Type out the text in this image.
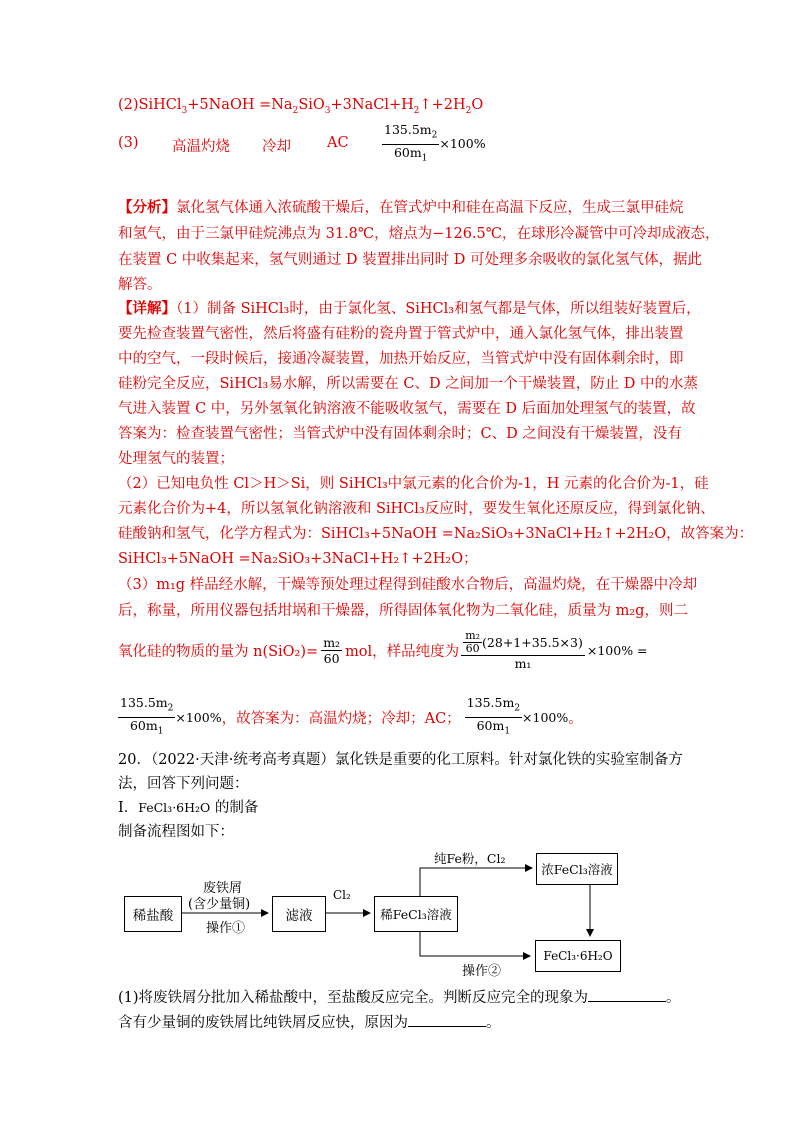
(2)SiHCl$_3$+5NaOH $=Na_2SiO_3+3NaCl+H_2↑+2H_2O$
(3) 高温灼烧 冷却 AC	$\frac{135.5m_2}{60m_1} \times 100\%$
【分析】氯化氢气体通入浓硫酸干燥后，在管式炉中和硅在高温下反应，生成三氯甲硅烷
和氢气，由于三氯甲硅烷沸点为 31.8℃，熔点为−126.5℃，在球形冷凝管中可冷却成液态，
在装置 C 中收集起来，氢气则通过 D 装置排出同时 D 可处理多余吸收的氯化氢气体，据此
解答。
【详解】（1）制备 SiHCl₃时，由于氯化氢、SiHCl₃和氢气都是气体，所以组装好装置后，
要先检查装置气密性，然后将盛有硅粉的瓷舟置于管式炉中，通入氯化氢气体，排出装置
中的空气，一段时候后，接通冷凝装置，加热开始反应，当管式炉中没有固体剩余时，即
硅粉完全反应，SiHCl₃易水解，所以需要在 C、D 之间加一个干燥装置，防止 D 中的水蒸
气进入装置 C 中，另外氢氧化钠溶液不能吸收氢气，需要在 D 后面加处理氢气的装置，故
答案为：检查装置气密性；当管式炉中没有固体剩余时；C、D 之间没有干燥装置，没有
处理氢气的装置；
（2）已知电负性 Cl＞H＞Si，则 SiHCl₃中氯元素的化合价为-1，H 元素的化合价为-1，硅
元素化合价为+4，所以氢氧化钠溶液和 SiHCl₃反应时，要发生氧化还原反应，得到氯化钠、
硅酸钠和氢气，化学方程式为：SiHCl₃+5NaOH =Na₂SiO₃+3NaCl+H₂↑+2H₂O，故答案为：
SiHCl₃+5NaOH =Na₂SiO₃+3NaCl+H₂↑+2H₂O；
（3）m₁g 样品经水解，干燥等预处理过程得到硅酸水合物后，高温灼烧，在干燥器中冷却
后，称量，所用仪器包括坩埚和干燥器，所得固体氧化物为二氧化硅，质量为 m₂g，则二
氧化硅的物质的量为 $n(SiO_2)= \frac{\text{m₂}}{60}$ mol，样品纯度为 $\frac{\frac{\text{m₂}}{60} (28+1+35.5\times 3)}{\text{m₁}} \times 100\%$ =
$\frac{135.5m_2}{60m_1} \times 100\%$ ，故答案为：高温灼烧；冷却；AC； $\frac{135.5m_2}{60m_1} \times 100\%$ 。
20．（2022·天津·统考高考真题）氯化铁是重要的化工原料。针对氯化铁的实验室制备方
法，回答下列问题：
Ⅰ．FeCl₃·6H₂O 的制备
制备流程图如下：
稀盐酸
废铁屑
(含少量铜)
操作①
滤液
Cl₂
稀FeCl₃溶液
纯Fe粉，Cl₂
浓FeCl₃溶液
操作②
FeCl₃·6H₂O
(1)将废铁屑分批加入稀盐酸中，至盐酸反应完全。判断反应完全的现象为	。
含有少量铜的废铁屑比纯铁屑反应快，原因为	。
